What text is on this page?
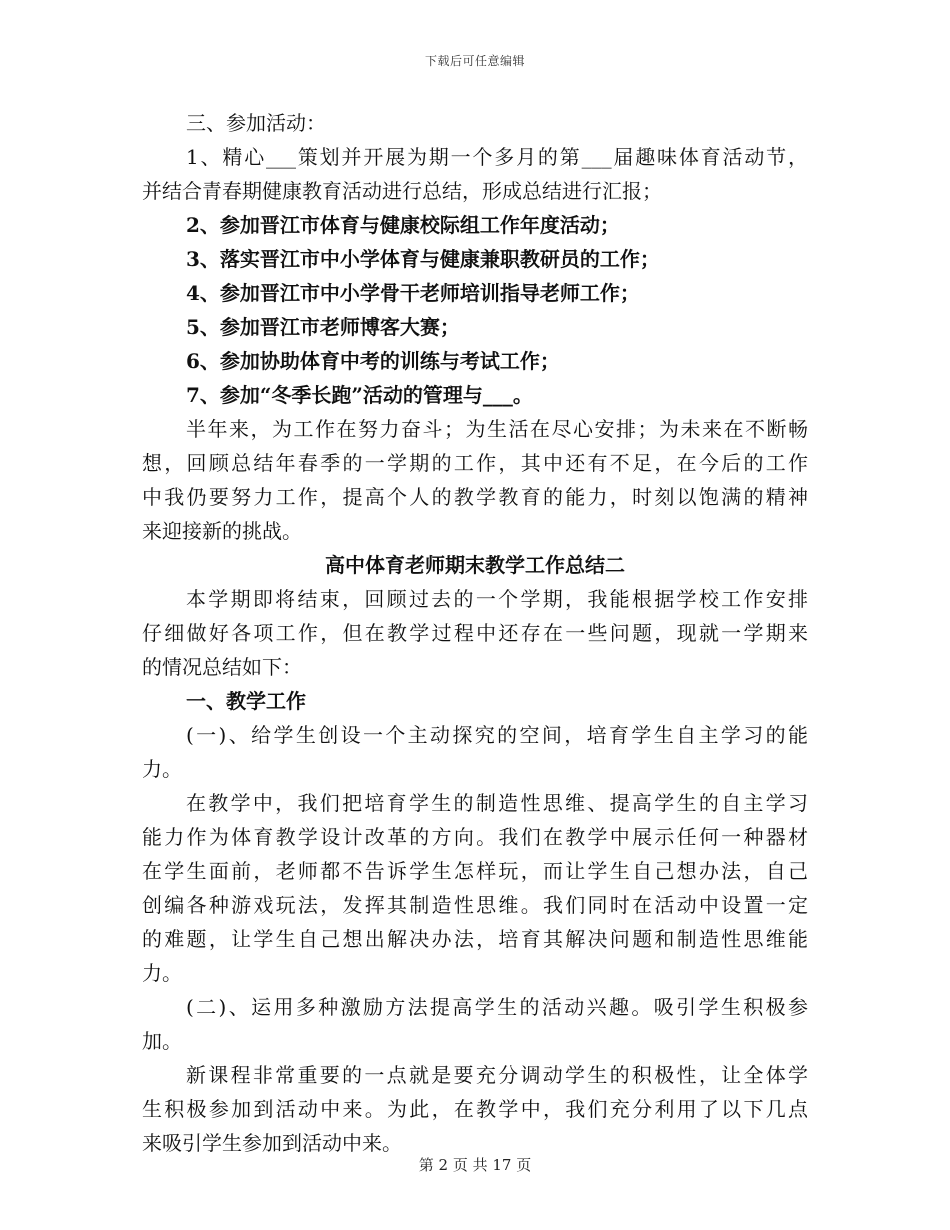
下载后可任意编辑
三、参加活动：
1、精心___策划并开展为期一个多月的第___届趣味体育活动节，
并结合青春期健康教育活动进行总结，形成总结进行汇报；
2、参加晋江市体育与健康校际组工作年度活动；
3、落实晋江市中小学体育与健康兼职教研员的工作；
4、参加晋江市中小学骨干老师培训指导老师工作；
5、参加晋江市老师博客大赛；
6、参加协助体育中考的训练与考试工作；
7、参加“冬季长跑”活动的管理与___。
半年来，为工作在努力奋斗；为生活在尽心安排；为未来在不断畅
想，回顾总结年春季的一学期的工作，其中还有不足，在今后的工作
中我仍要努力工作，提高个人的教学教育的能力，时刻以饱满的精神
来迎接新的挑战。
高中体育老师期末教学工作总结二
本学期即将结束，回顾过去的一个学期，我能根据学校工作安排
仔细做好各项工作，但在教学过程中还存在一些问题，现就一学期来
的情况总结如下：
一、教学工作
(一)、给学生创设一个主动探究的空间，培育学生自主学习的能
力。
在教学中，我们把培育学生的制造性思维、提高学生的自主学习
能力作为体育教学设计改革的方向。我们在教学中展示任何一种器材
在学生面前，老师都不告诉学生怎样玩，而让学生自己想办法，自己
创编各种游戏玩法，发挥其制造性思维。我们同时在活动中设置一定
的难题，让学生自己想出解决办法，培育其解决问题和制造性思维能
力。
(二)、运用多种激励方法提高学生的活动兴趣。吸引学生积极参
加。
新课程非常重要的一点就是要充分调动学生的积极性，让全体学
生积极参加到活动中来。为此，在教学中，我们充分利用了以下几点
来吸引学生参加到活动中来。
第 2 页 共 17 页
